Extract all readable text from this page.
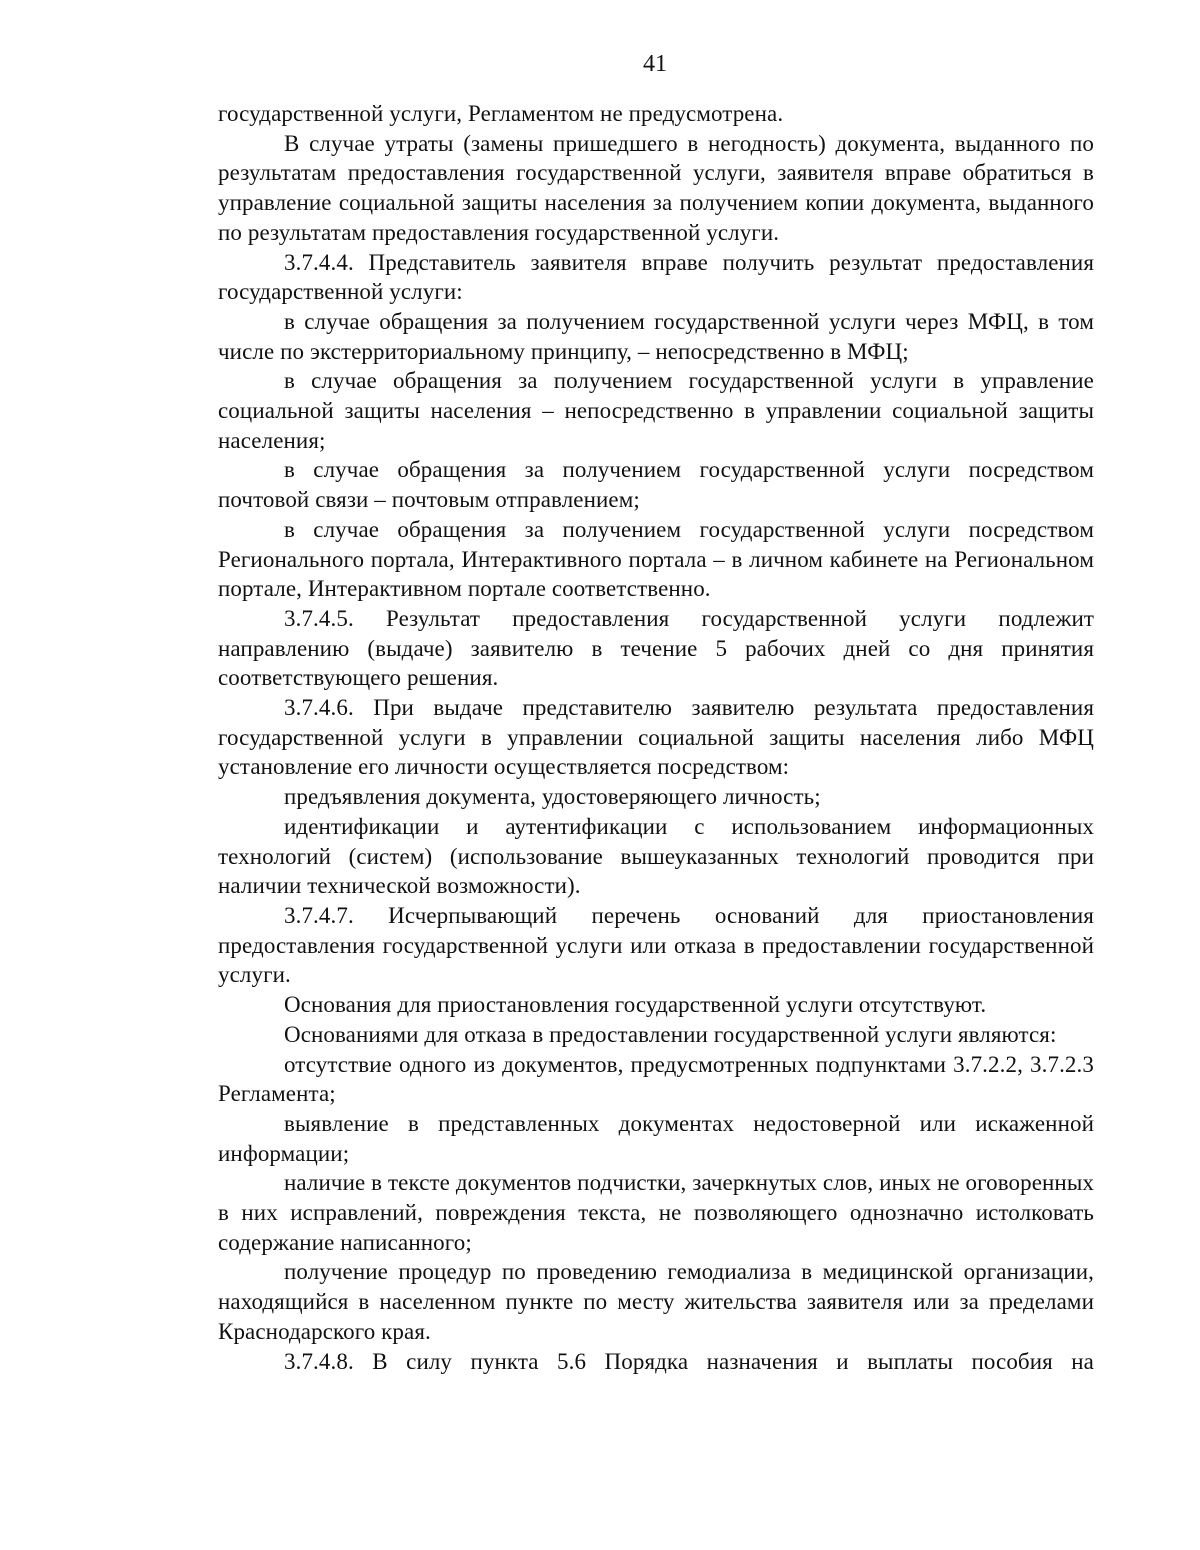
41

государственной услуги, Регламентом не предусмотрена.

В случае утраты (замены пришедшего в негодность) документа, выданного по результатам предоставления государственной услуги, заявителя вправе обратиться в управление социальной защиты населения за получением копии документа, выданного по результатам предоставления государственной услуги.

3.7.4.4. Представитель заявителя вправе получить результат предоставления государственной услуги:

в случае обращения за получением государственной услуги через МФЦ, в том числе по экстерриториальному принципу, – непосредственно в МФЦ;

в случае обращения за получением государственной услуги в управление социальной защиты населения – непосредственно в управлении социальной защиты населения;

в случае обращения за получением государственной услуги посредством почтовой связи – почтовым отправлением;

в случае обращения за получением государственной услуги посредством Регионального портала, Интерактивного портала – в личном кабинете на Региональном портале, Интерактивном портале соответственно.

3.7.4.5. Результат предоставления государственной услуги подлежит направлению (выдаче) заявителю в течение 5 рабочих дней со дня принятия соответствующего решения.

3.7.4.6. При выдаче представителю заявителю результата предоставления государственной услуги в управлении социальной защиты населения либо МФЦ установление его личности осуществляется посредством:

предъявления документа, удостоверяющего личность;

идентификации и аутентификации с использованием информационных технологий (систем) (использование вышеуказанных технологий проводится при наличии технической возможности).

3.7.4.7. Исчерпывающий перечень оснований для приостановления предоставления государственной услуги или отказа в предоставлении государственной услуги.

Основания для приостановления государственной услуги отсутствуют.

Основаниями для отказа в предоставлении государственной услуги являются:

отсутствие одного из документов, предусмотренных подпунктами 3.7.2.2, 3.7.2.3 Регламента;

выявление в представленных документах недостоверной или искаженной информации;

наличие в тексте документов подчистки, зачеркнутых слов, иных не оговоренных в них исправлений, повреждения текста, не позволяющего однозначно истолковать содержание написанного;

получение процедур по проведению гемодиализа в медицинской организации, находящийся в населенном пункте по месту жительства заявителя или за пределами Краснодарского края.

3.7.4.8. В силу пункта 5.6 Порядка назначения и выплаты пособия на
